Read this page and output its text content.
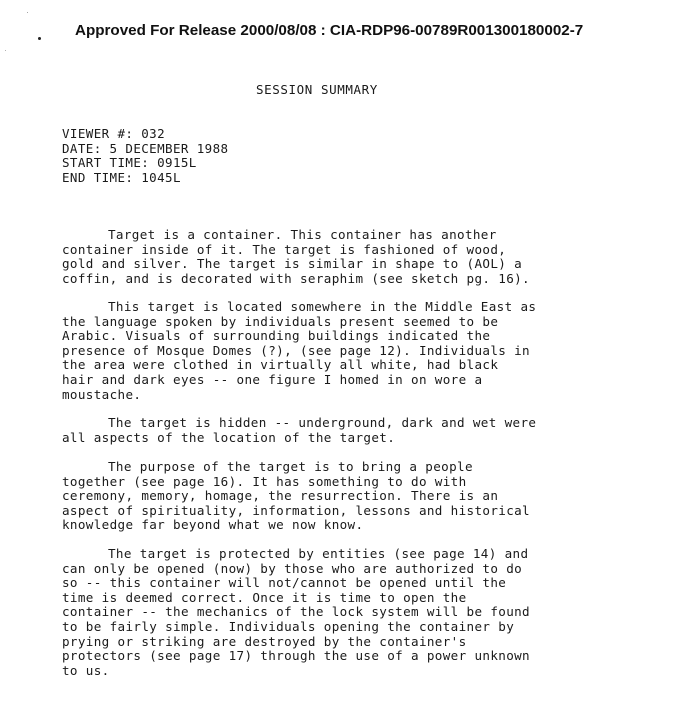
Approved For Release 2000/08/08 : CIA-RDP96-00789R001300180002-7
SESSION SUMMARY
VIEWER #: 032
DATE: 5 DECEMBER 1988
START TIME: 0915L
END TIME: 1045L
Target is a container. This container has another
container inside of it. The target is fashioned of wood,
gold and silver. The target is similar in shape to (AOL) a
coffin, and is decorated with seraphim (see sketch pg. 16).
This target is located somewhere in the Middle East as
the language spoken by individuals present seemed to be
Arabic. Visuals of surrounding buildings indicated the
presence of Mosque Domes (?), (see page 12). Individuals in
the area were clothed in virtually all white, had black
hair and dark eyes -- one figure I homed in on wore a
moustache.
The target is hidden -- underground, dark and wet were
all aspects of the location of the target.
The purpose of the target is to bring a people
together (see page 16). It has something to do with
ceremony, memory, homage, the resurrection. There is an
aspect of spirituality, information, lessons and historical
knowledge far beyond what we now know.
The target is protected by entities (see page 14) and
can only be opened (now) by those who are authorized to do
so -- this container will not/cannot be opened until the
time is deemed correct. Once it is time to open the
container -- the mechanics of the lock system will be found
to be fairly simple. Individuals opening the container by
prying or striking are destroyed by the container's
protectors (see page 17) through the use of a power unknown
to us.
